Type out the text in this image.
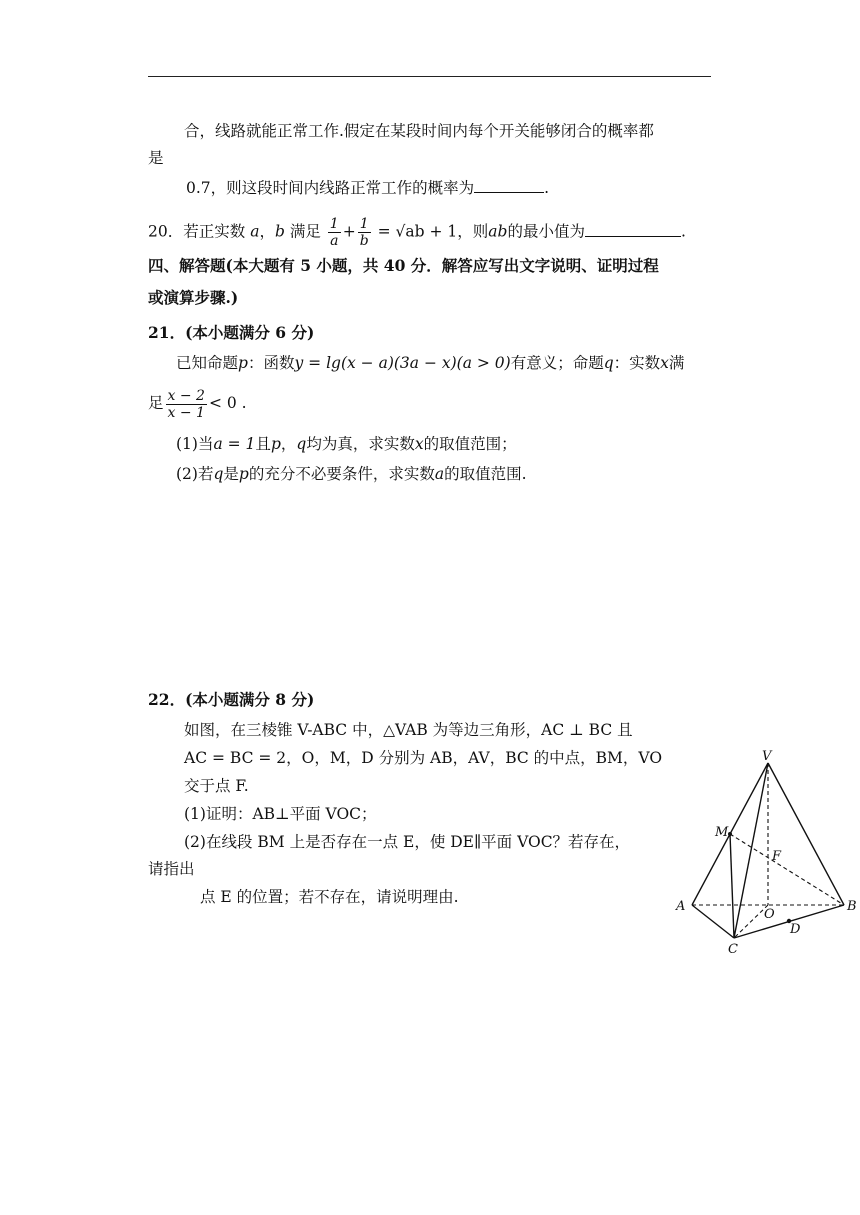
合，线路就能正常工作.假定在某段时间内每个开关能够闭合的概率都
是
0.7，则这段时间内线路正常工作的概率为	.
20．若正实数 a，b 满足 $\frac{1}{a} + \frac{1}{b} = √ab + 1$，则ab的最小值为	.
四、解答题(本大题有 5 小题，共 40 分．解答应写出文字说明、证明过程
或演算步骤.)
21．(本小题满分 6 分)
已知命题p：函数y = lg(x − a)(3a − x)(a > 0)有意义；命题q：实数x满
足 $\frac{x - 2}{x - 1} < 0$ .
(1)当a = 1且p，q均为真，求实数x的取值范围；
(2)若q是p的充分不必要条件，求实数a的取值范围.
22．(本小题满分 8 分)
如图，在三棱锥 V-ABC 中，△VAB 为等边三角形，AC ⊥ BC 且
AC = BC = 2，O，M，D 分别为 AB，AV，BC 的中点，BM，VO
交于点 F.
(1)证明：AB⊥平面 VOC；
(2)在线段 BM 上是否存在一点 E，使 DE∥平面 VOC？若存在，
请指出
点 E 的位置；若不存在，请说明理由.
V
M
F
A
O
B
D
C
